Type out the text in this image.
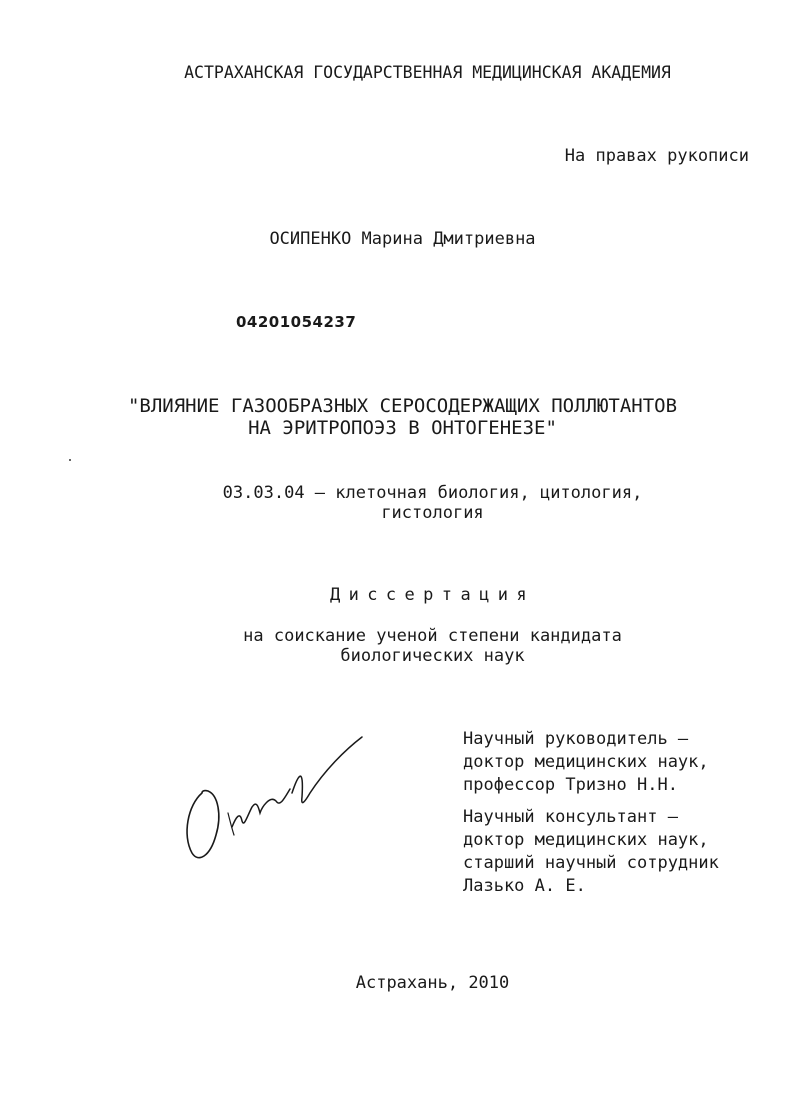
АСТРАХАНСКАЯ ГОСУДАРСТВЕННАЯ МЕДИЦИНСКАЯ АКАДЕМИЯ
На правах рукописи
ОСИПЕНКО Марина Дмитриевна
04201054237
"ВЛИЯНИЕ ГАЗООБРАЗНЫХ СЕРОСОДЕРЖАЩИХ ПОЛЛЮТАНТОВ
НА ЭРИТРОПОЭЗ В ОНТОГЕНЕЗЕ"
03.03.04 – клеточная биология, цитология,
гистология
Диссертация
на соискание ученой степени кандидата
биологических наук
Научный руководитель –
доктор медицинских наук,
профессор Тризно Н.Н.
Научный консультант –
доктор медицинских наук,
старший научный сотрудник
Лазько А. Е.
Астрахань, 2010
